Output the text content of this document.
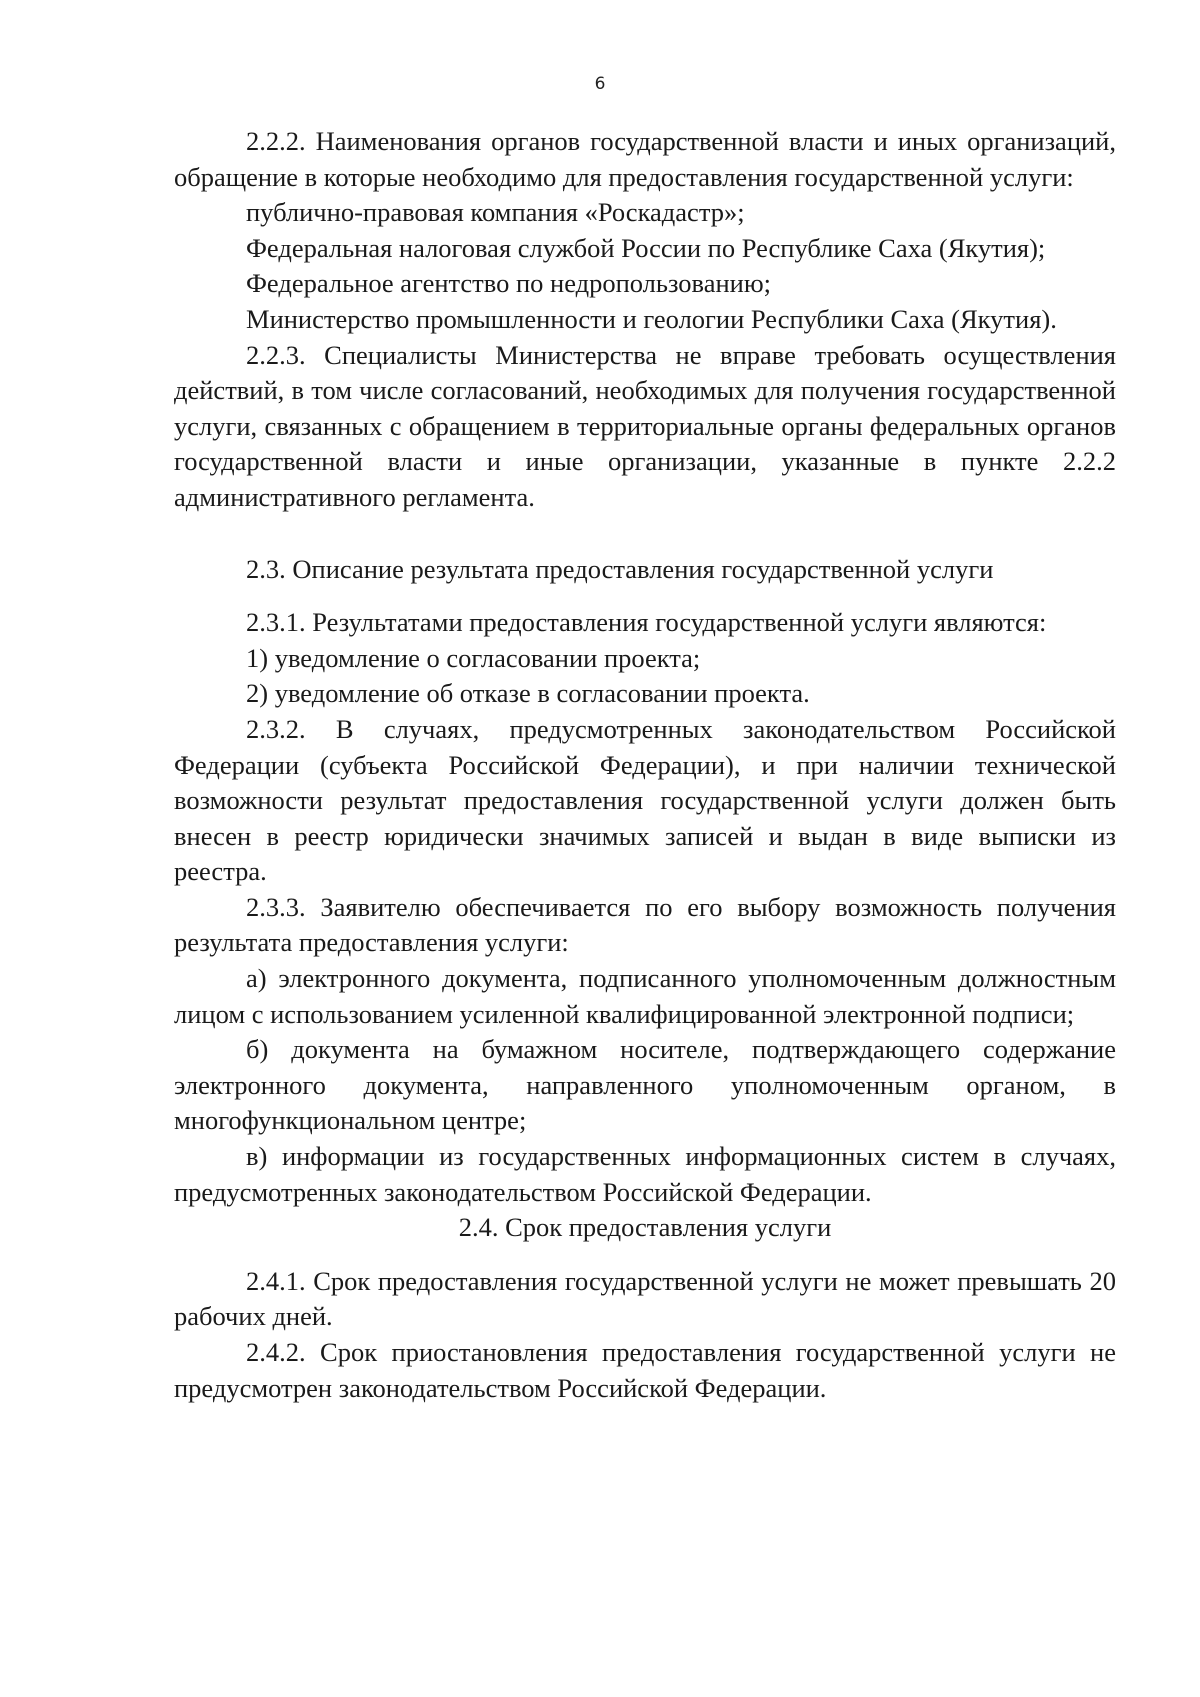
6

2.2.2. Наименования органов государственной власти и иных организаций, обращение в которые необходимо для предоставления государственной услуги:

публично-правовая компания «Роскадастр»;

Федеральная налоговая службой России по Республике Саха (Якутия);

Федеральное агентство по недропользованию;

Министерство промышленности и геологии Республики Саха (Якутия).

2.2.3. Специалисты Министерства не вправе требовать осуществления действий, в том числе согласований, необходимых для получения государственной услуги, связанных с обращением в территориальные органы федеральных органов государственной власти и иные организации, указанные в пункте 2.2.2 административного регламента.

2.3. Описание результата предоставления государственной услуги

2.3.1. Результатами предоставления государственной услуги являются:

1) уведомление о согласовании проекта;

2) уведомление об отказе в согласовании проекта.

2.3.2. В случаях, предусмотренных законодательством Российской Федерации (субъекта Российской Федерации), и при наличии технической возможности результат предоставления государственной услуги должен быть внесен в реестр юридически значимых записей и выдан в виде выписки из реестра.

2.3.3. Заявителю обеспечивается по его выбору возможность получения результата предоставления услуги:

а) электронного документа, подписанного уполномоченным должностным лицом с использованием усиленной квалифицированной электронной подписи;

б) документа на бумажном носителе, подтверждающего содержание электронного документа, направленного уполномоченным органом, в многофункциональном центре;

в) информации из государственных информационных систем в случаях, предусмотренных законодательством Российской Федерации.

2.4. Срок предоставления услуги

2.4.1. Срок предоставления государственной услуги не может превышать 20 рабочих дней.

2.4.2. Срок приостановления предоставления государственной услуги не предусмотрен законодательством Российской Федерации.
